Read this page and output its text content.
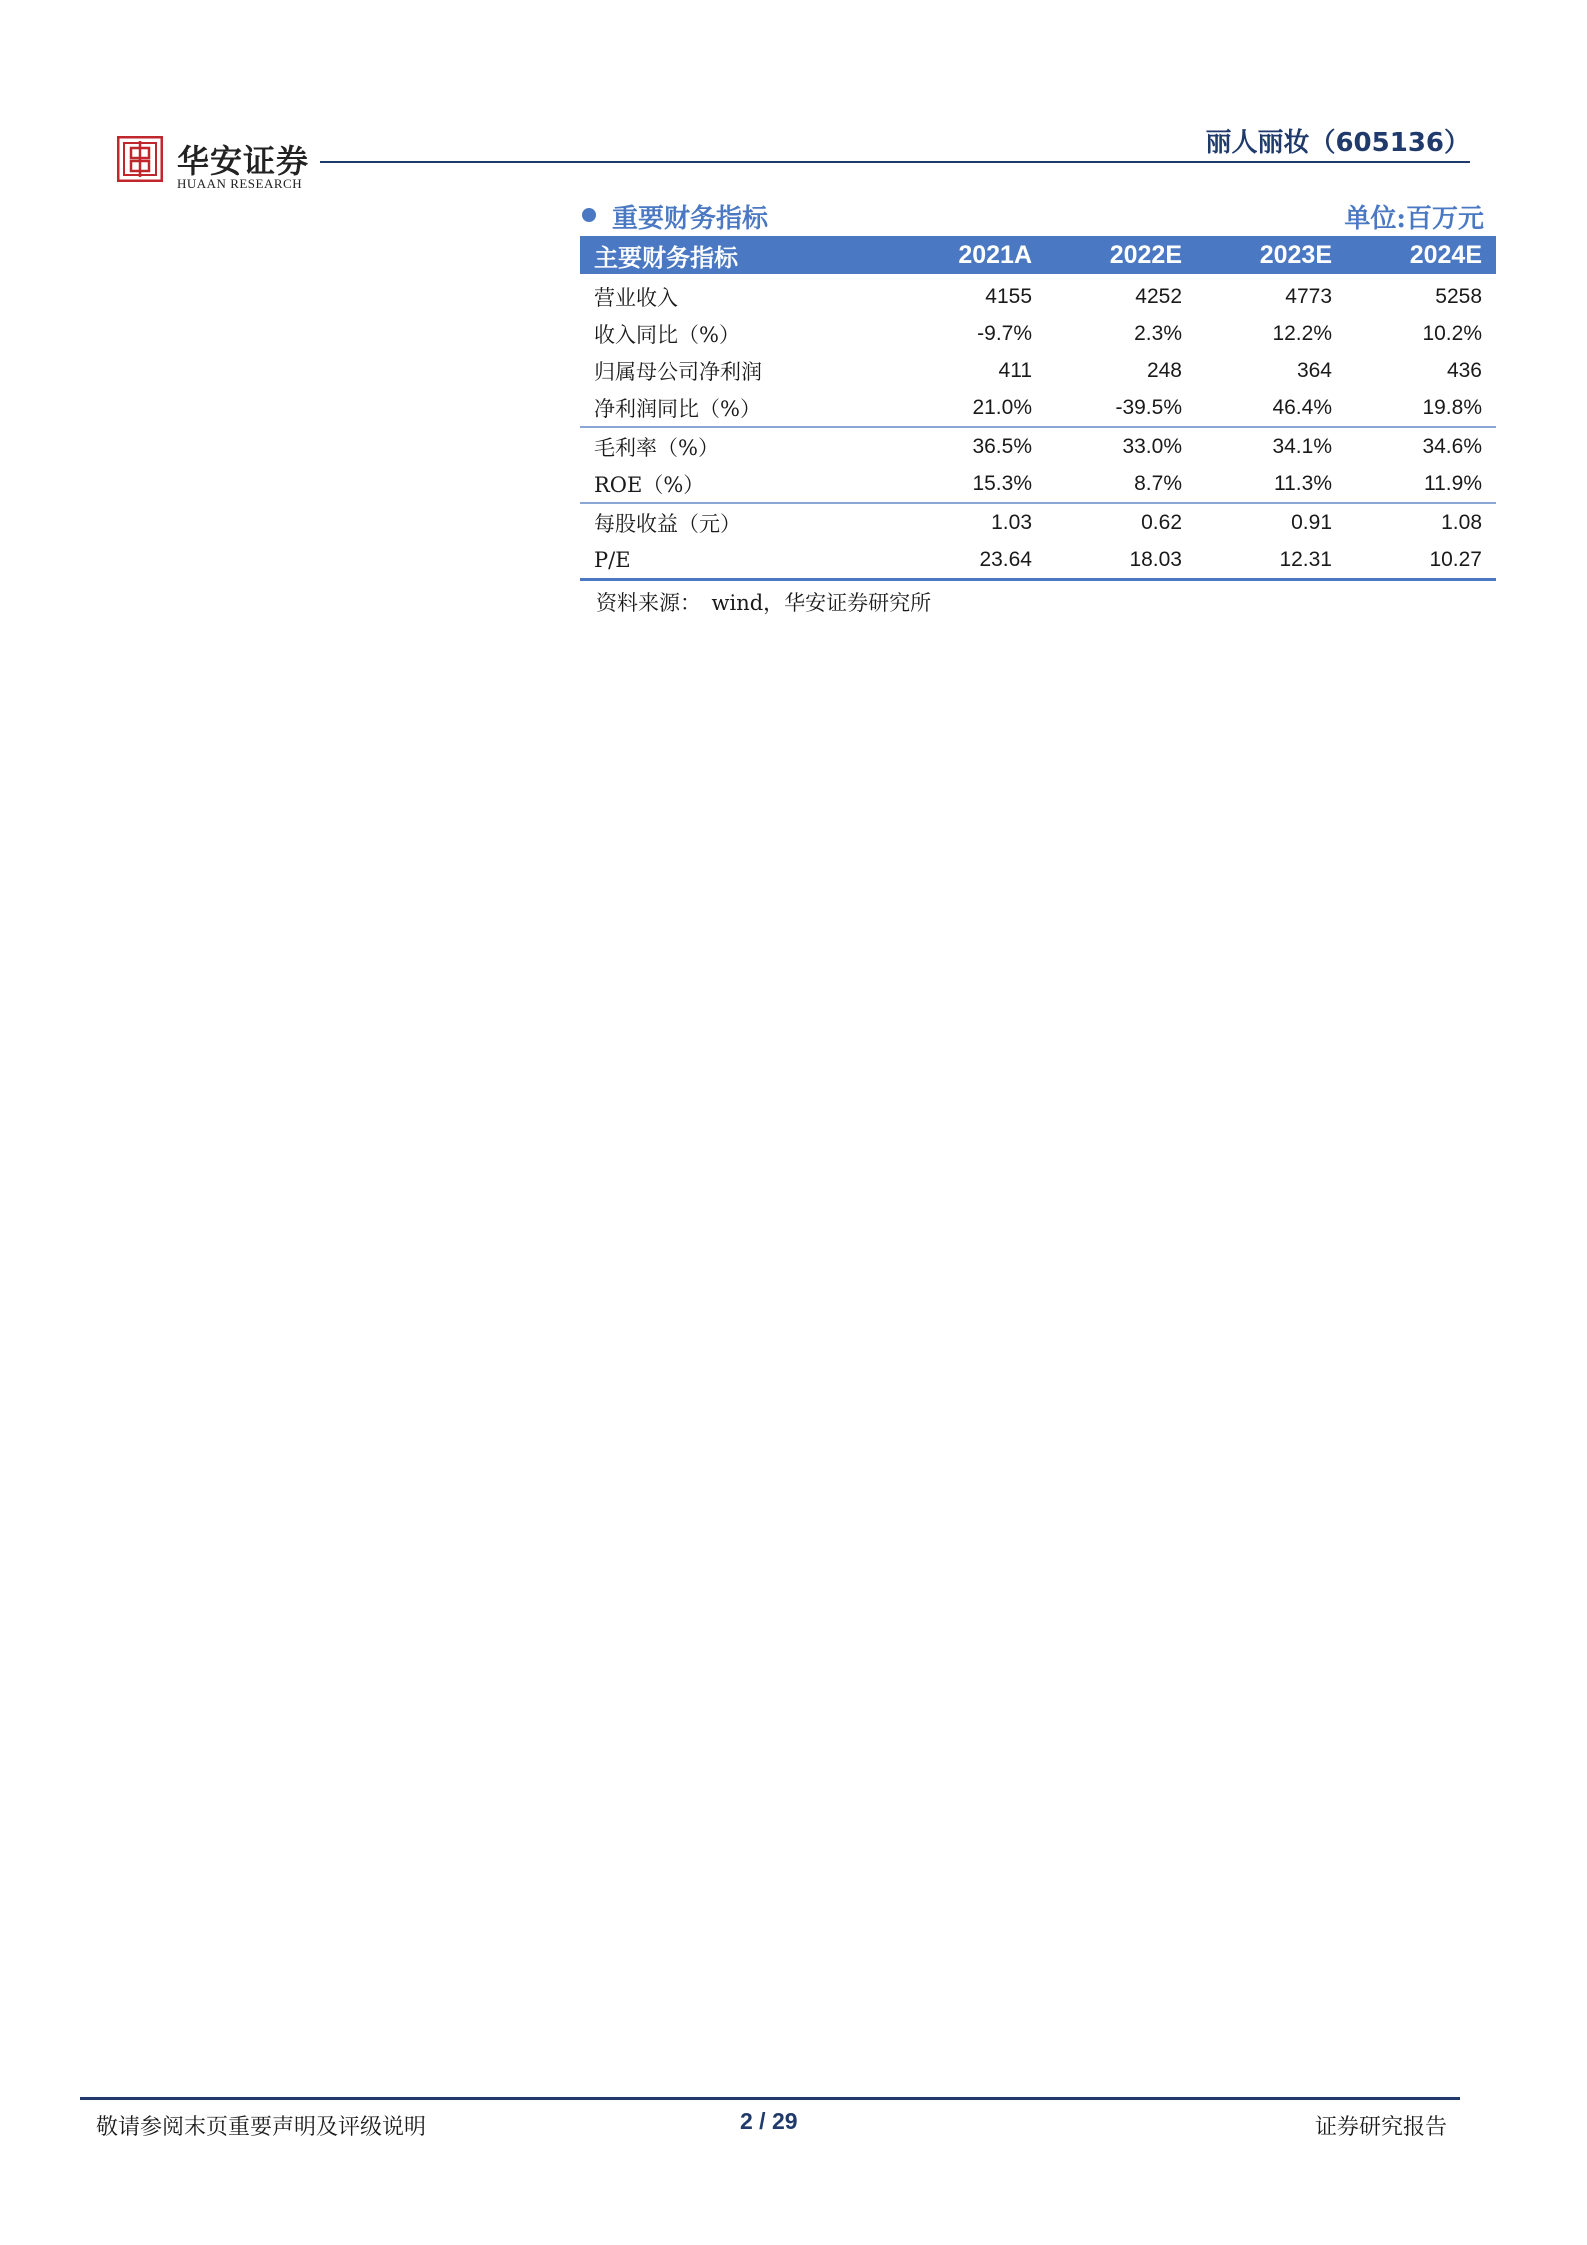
华安证券
HUAAN RESEARCH
丽人丽妆（605136）
重要财务指标	单位:百万元
主要财务指标	2021A	2022E	2023E	2024E
营业收入	4155	4252	4773	5258
收入同比（%）	-9.7%	2.3%	12.2%	10.2%
归属母公司净利润	411	248	364	436
净利润同比（%）	21.0%	-39.5%	46.4%	19.8%
毛利率（%）	36.5%	33.0%	34.1%	34.6%
ROE（%）	15.3%	8.7%	11.3%	11.9%
每股收益（元）	1.03	0.62	0.91	1.08
P/E	23.64	18.03	12.31	10.27
资料来源：　wind，华安证券研究所
敬请参阅末页重要声明及评级说明	2 / 29	证券研究报告
